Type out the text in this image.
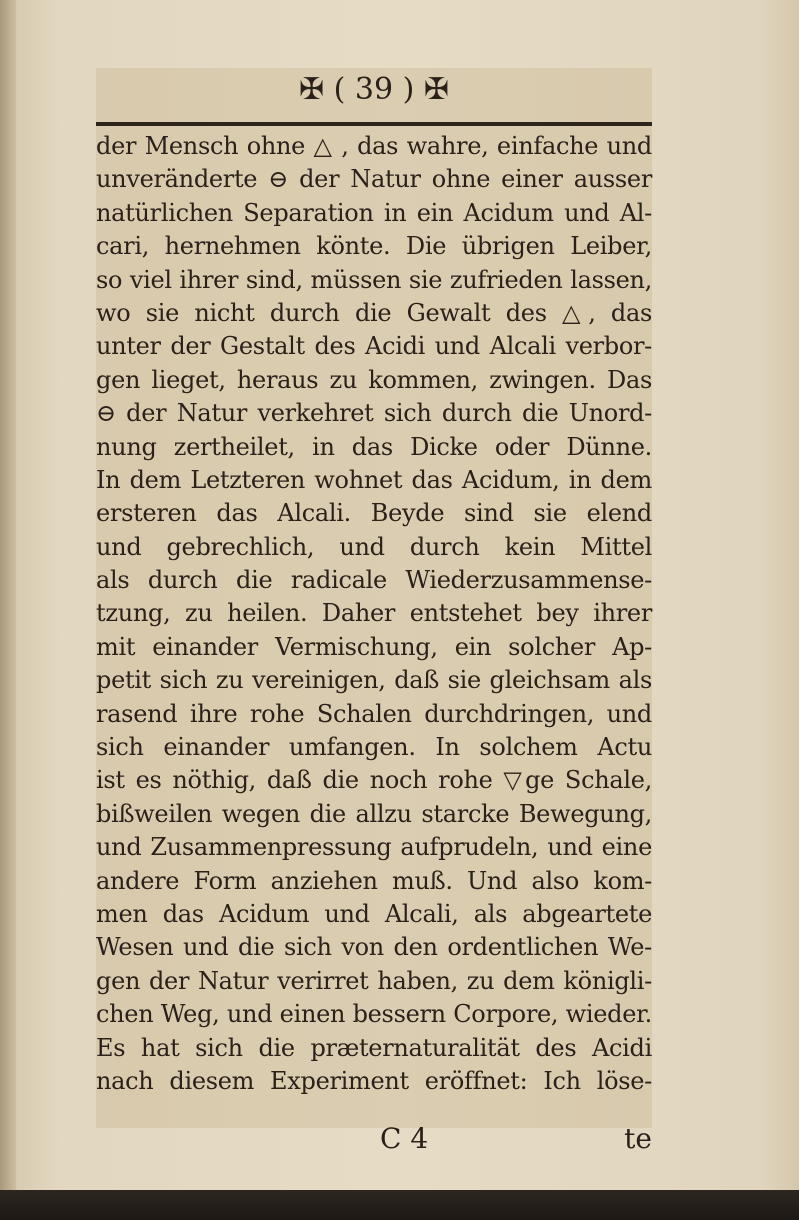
✠ ( 39 ) ✠
der Mensch ohne △ , das wahre, einfache und
unveränderte ⊖ der Natur ohne einer ausser
natürlichen Separation in ein Acidum und Al-
cari, hernehmen könte. Die übrigen Leiber,
so viel ihrer sind, müssen sie zufrieden lassen,
wo sie nicht durch die Gewalt des △, das
unter der Gestalt des Acidi und Alcali verbor-
gen lieget, heraus zu kommen, zwingen. Das
⊖ der Natur verkehret sich durch die Unord-
nung zertheilet, in das Dicke oder Dünne.
In dem Letzteren wohnet das Acidum, in dem
ersteren das Alcali. Beyde sind sie elend
und gebrechlich, und durch kein Mittel
als durch die radicale Wiederzusammense-
tzung, zu heilen. Daher entstehet bey ihrer
mit einander Vermischung, ein solcher Ap-
petit sich zu vereinigen, daß sie gleichsam als
rasend ihre rohe Schalen durchdringen, und
sich einander umfangen. In solchem Actu
ist es nöthig, daß die noch rohe ▽ge Schale,
bißweilen wegen die allzu starcke Bewegung,
und Zusammenpressung aufprudeln, und eine
andere Form anziehen muß. Und also kom-
men das Acidum und Alcali, als abgeartete
Wesen und die sich von den ordentlichen We-
gen der Natur verirret haben, zu dem königli-
chen Weg, und einen bessern Corpore, wieder.
Es hat sich die præternaturalität des Acidi
nach diesem Experiment eröffnet: Ich löse-
C 4	te
